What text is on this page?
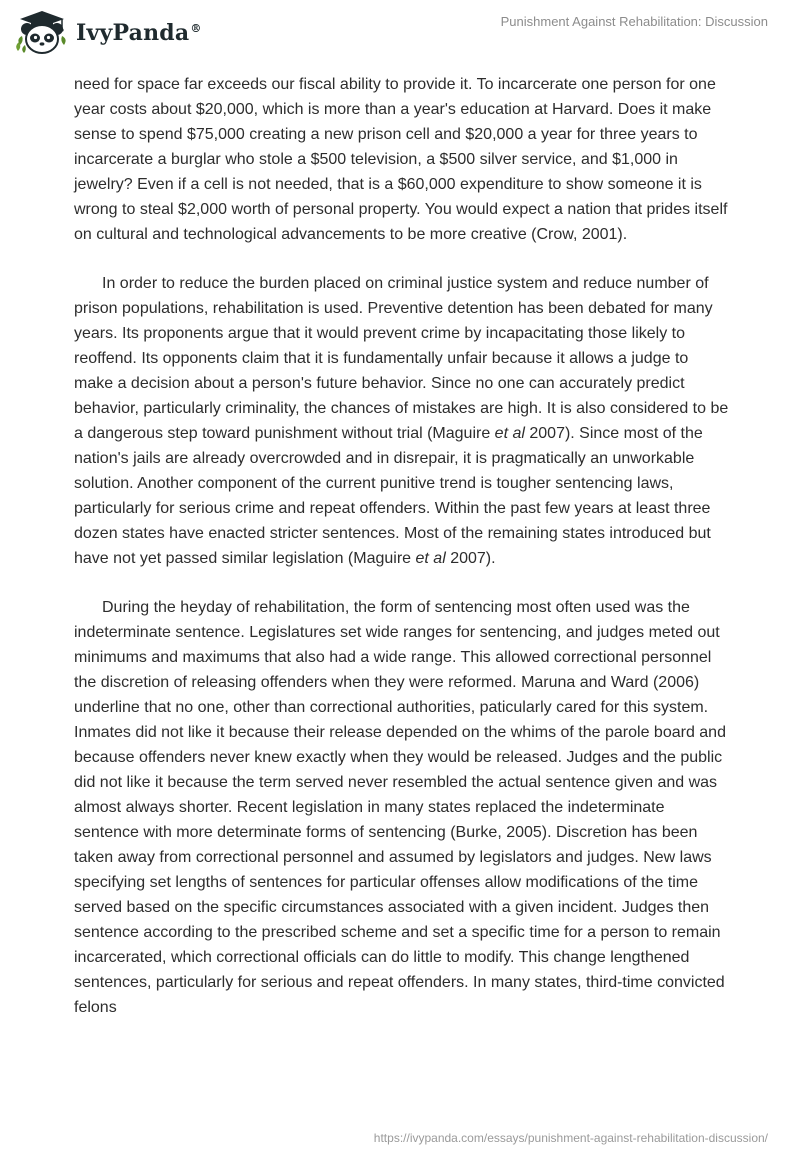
IvyPanda®	Punishment Against Rehabilitation: Discussion

need for space far exceeds our fiscal ability to provide it. To incarcerate one person for one year costs about $20,000, which is more than a year's education at Harvard. Does it make sense to spend $75,000 creating a new prison cell and $20,000 a year for three years to incarcerate a burglar who stole a $500 television, a $500 silver service, and $1,000 in jewelry? Even if a cell is not needed, that is a $60,000 expenditure to show someone it is wrong to steal $2,000 worth of personal property. You would expect a nation that prides itself on cultural and technological advancements to be more creative (Crow, 2001).

In order to reduce the burden placed on criminal justice system and reduce number of prison populations, rehabilitation is used. Preventive detention has been debated for many years. Its proponents argue that it would prevent crime by incapacitating those likely to reoffend. Its opponents claim that it is fundamentally unfair because it allows a judge to make a decision about a person's future behavior. Since no one can accurately predict behavior, particularly criminality, the chances of mistakes are high. It is also considered to be a dangerous step toward punishment without trial (Maguire et al 2007). Since most of the nation's jails are already overcrowded and in disrepair, it is pragmatically an unworkable solution. Another component of the current punitive trend is tougher sentencing laws, particularly for serious crime and repeat offenders. Within the past few years at least three dozen states have enacted stricter sentences. Most of the remaining states introduced but have not yet passed similar legislation (Maguire et al 2007).

During the heyday of rehabilitation, the form of sentencing most often used was the indeterminate sentence. Legislatures set wide ranges for sentencing, and judges meted out minimums and maximums that also had a wide range. This allowed correctional personnel the discretion of releasing offenders when they were reformed. Maruna and Ward (2006) underline that no one, other than correctional authorities, paticularly cared for this system. Inmates did not like it because their release depended on the whims of the parole board and because offenders never knew exactly when they would be released. Judges and the public did not like it because the term served never resembled the actual sentence given and was almost always shorter. Recent legislation in many states replaced the indeterminate sentence with more determinate forms of sentencing (Burke, 2005). Discretion has been taken away from correctional personnel and assumed by legislators and judges. New laws specifying set lengths of sentences for particular offenses allow modifications of the time served based on the specific circumstances associated with a given incident. Judges then sentence according to the prescribed scheme and set a specific time for a person to remain incarcerated, which correctional officials can do little to modify. This change lengthened sentences, particularly for serious and repeat offenders. In many states, third-time convicted felons

https://ivypanda.com/essays/punishment-against-rehabilitation-discussion/
